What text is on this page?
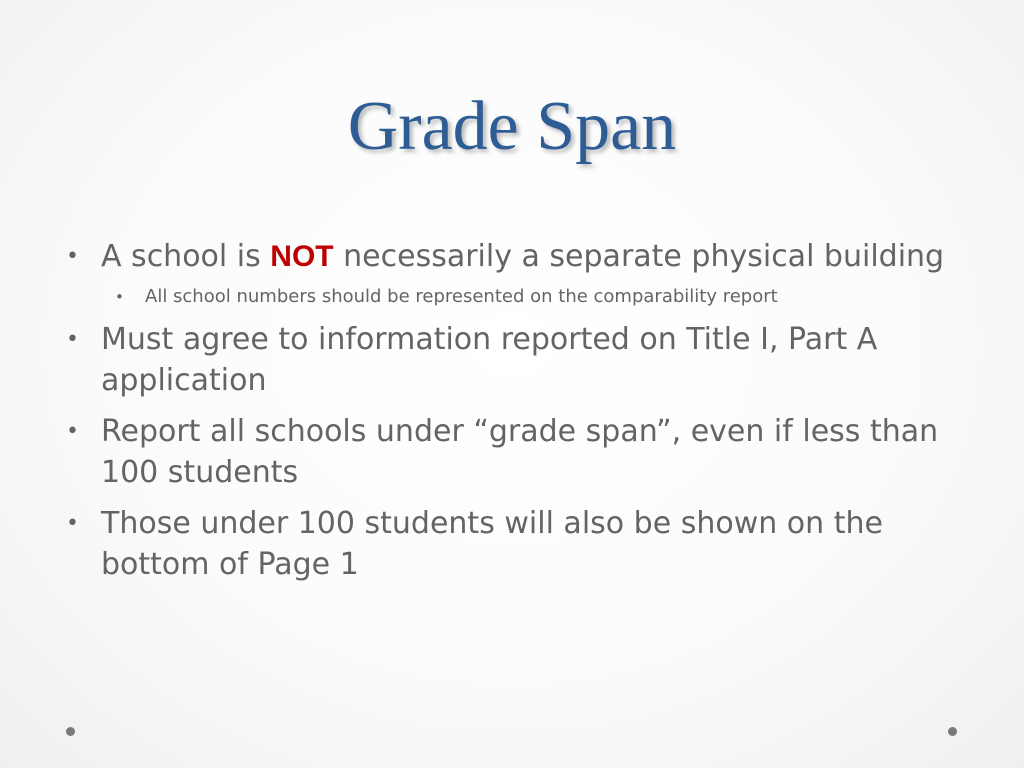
Grade Span
• A school is NOT necessarily a separate physical building
• All school numbers should be represented on the comparability report
• Must agree to information reported on Title I, Part A application
• Report all schools under “grade span”, even if less than 100 students
• Those under 100 students will also be shown on the bottom of Page 1
